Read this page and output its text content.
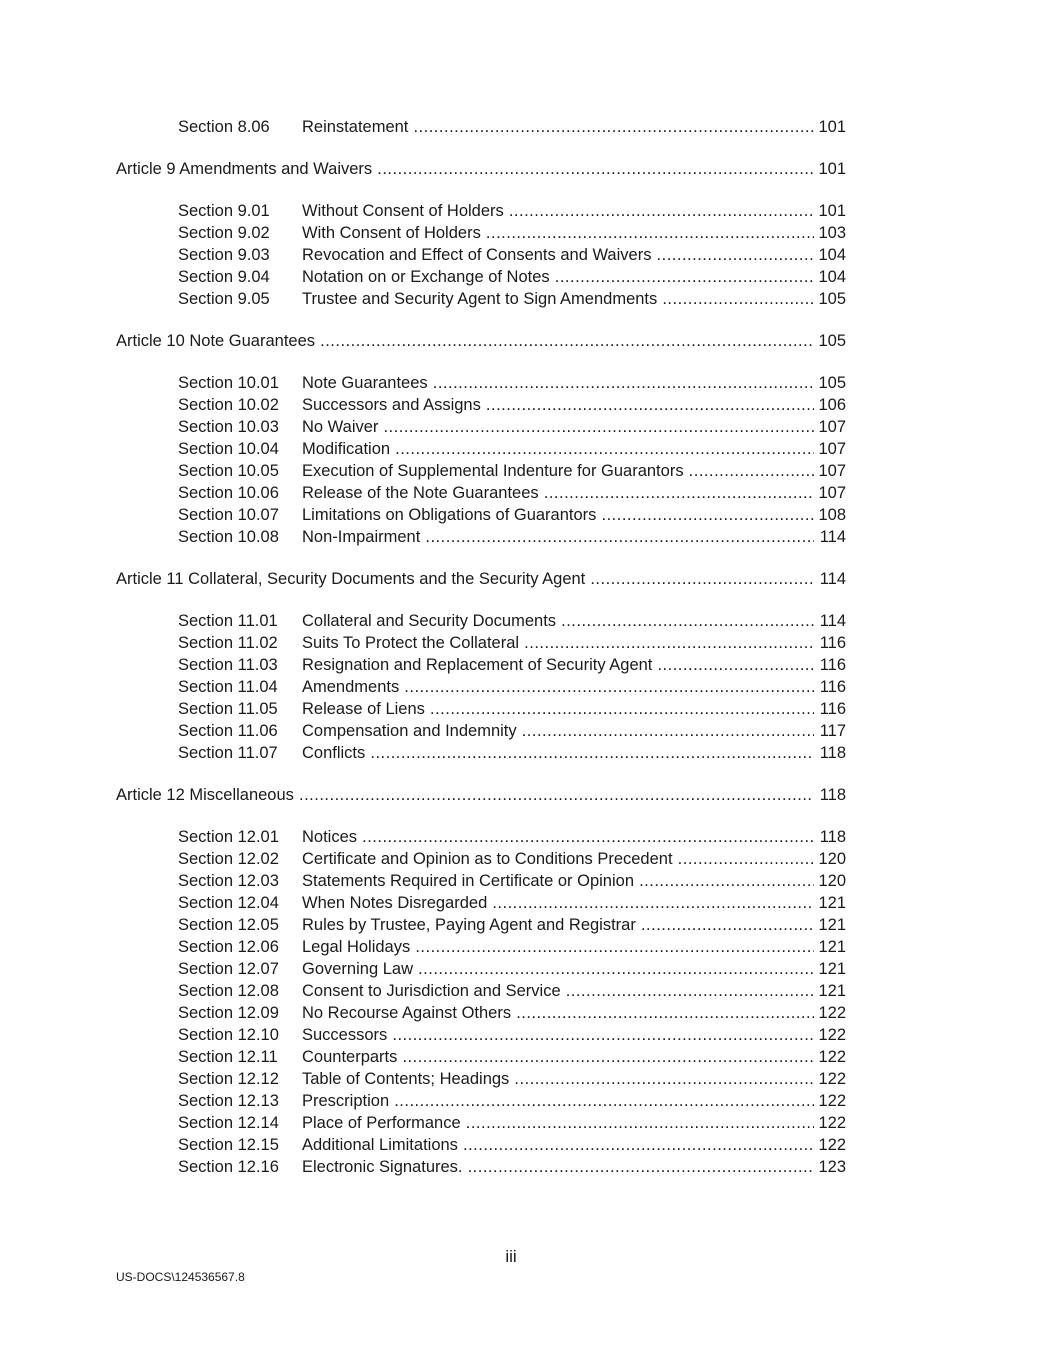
Section 8.06 Reinstatement .....	101
Article 9 Amendments and Waivers .....	101
Section 9.01 Without Consent of Holders .....	101
Section 9.02 With Consent of Holders .....	103
Section 9.03 Revocation and Effect of Consents and Waivers .....	104
Section 9.04 Notation on or Exchange of Notes .....	104
Section 9.05 Trustee and Security Agent to Sign Amendments .....	105
Article 10 Note Guarantees .....	105
Section 10.01 Note Guarantees .....	105
Section 10.02 Successors and Assigns .....	106
Section 10.03 No Waiver .....	107
Section 10.04 Modification .....	107
Section 10.05 Execution of Supplemental Indenture for Guarantors .....	107
Section 10.06 Release of the Note Guarantees .....	107
Section 10.07 Limitations on Obligations of Guarantors .....	108
Section 10.08 Non-Impairment .....	114
Article 11 Collateral, Security Documents and the Security Agent .....	114
Section 11.01 Collateral and Security Documents .....	114
Section 11.02 Suits To Protect the Collateral .....	116
Section 11.03 Resignation and Replacement of Security Agent .....	116
Section 11.04 Amendments .....	116
Section 11.05 Release of Liens .....	116
Section 11.06 Compensation and Indemnity .....	117
Section 11.07 Conflicts .....	118
Article 12 Miscellaneous .....	118
Section 12.01 Notices .....	118
Section 12.02 Certificate and Opinion as to Conditions Precedent .....	120
Section 12.03 Statements Required in Certificate or Opinion .....	120
Section 12.04 When Notes Disregarded .....	121
Section 12.05 Rules by Trustee, Paying Agent and Registrar .....	121
Section 12.06 Legal Holidays .....	121
Section 12.07 Governing Law .....	121
Section 12.08 Consent to Jurisdiction and Service .....	121
Section 12.09 No Recourse Against Others .....	122
Section 12.10 Successors .....	122
Section 12.11 Counterparts .....	122
Section 12.12 Table of Contents; Headings .....	122
Section 12.13 Prescription .....	122
Section 12.14 Place of Performance .....	122
Section 12.15 Additional Limitations .....	122
Section 12.16 Electronic Signatures. .....	123
iii
US-DOCS\124536567.8
